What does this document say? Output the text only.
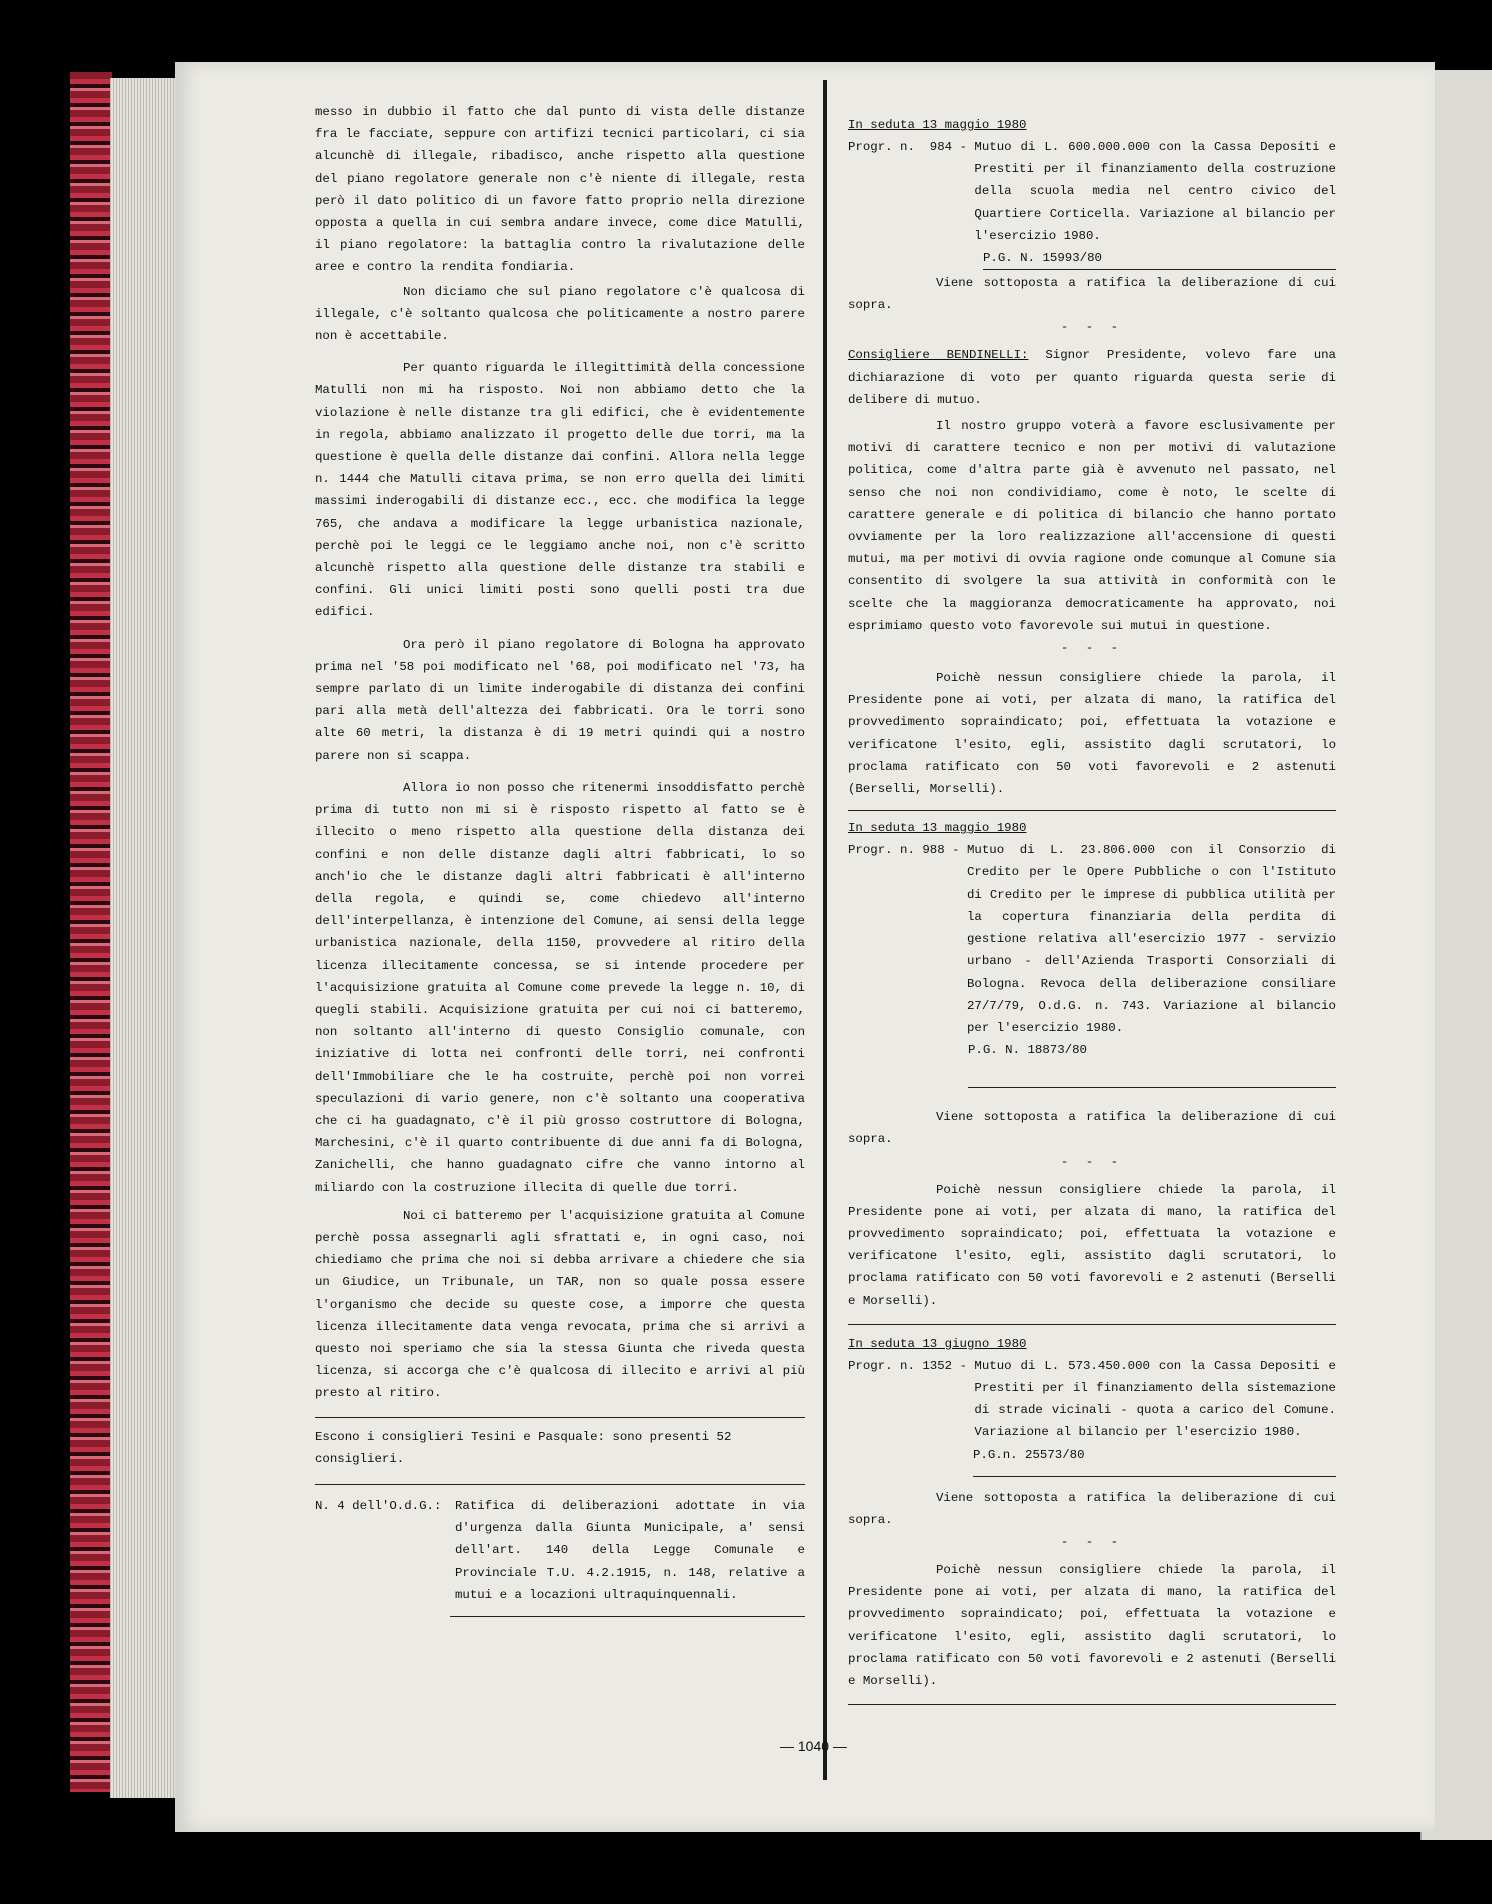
messo in dubbio il fatto che dal punto di vista delle distanze fra le facciate, seppure con artifizi tecnici particolari, ci sia alcunchè di illegale, ribadisco, anche rispetto alla questione del piano regolatore generale non c'è niente di illegale, resta però il dato politico di un favore fatto proprio nella direzione opposta a quella in cui sembra andare invece, come dice Matulli, il piano regolatore: la battaglia contro la rivalutazione delle aree e contro la rendita fondiaria.

Non diciamo che sul piano regolatore c'è qualcosa di illegale, c'è soltanto qualcosa che politicamente a nostro parere non è accettabile.

Per quanto riguarda le illegittimità della concessione Matulli non mi ha risposto. Noi non abbiamo detto che la violazione è nelle distanze tra gli edifici, che è evidentemente in regola, abbiamo analizzato il progetto delle due torri, ma la questione è quella delle distanze dai confini. Allora nella legge n. 1444 che Matulli citava prima, se non erro quella dei limiti massimi inderogabili di distanze ecc., ecc. che modifica la legge 765, che andava a modificare la legge urbanistica nazionale, perchè poi le leggi ce le leggiamo anche noi, non c'è scritto alcunchè rispetto alla questione delle distanze tra stabili e confini. Gli unici limiti posti sono quelli posti tra due edifici.

Ora però il piano regolatore di Bologna ha approvato prima nel '58 poi modificato nel '68, poi modificato nel '73, ha sempre parlato di un limite inderogabile di distanza dei confini pari alla metà dell'altezza dei fabbricati. Ora le torri sono alte 60 metri, la distanza è di 19 metri quindi qui a nostro parere non si scappa.

Allora io non posso che ritenermi insoddisfatto perchè prima di tutto non mi si è risposto rispetto al fatto se è illecito o meno rispetto alla questione della distanza dei confini e non delle distanze dagli altri fabbricati, lo so anch'io che le distanze dagli altri fabbricati è all'interno della regola, e quindi se, come chiedevo all'interno dell'interpellanza, è intenzione del Comune, ai sensi della legge urbanistica nazionale, della 1150, provvedere al ritiro della licenza illecitamente concessa, se si intende procedere per l'acquisizione gratuita al Comune come prevede la legge n. 10, di quegli stabili. Acquisizione gratuita per cui noi ci batteremo, non soltanto all'interno di questo Consiglio comunale, con iniziative di lotta nei confronti delle torri, nei confronti dell'Immobiliare che le ha costruite, perchè poi non vorrei speculazioni di vario genere, non c'è soltanto una cooperativa che ci ha guadagnato, c'è il più grosso costruttore di Bologna, Marchesini, c'è il quarto contribuente di due anni fa di Bologna, Zanichelli, che hanno guadagnato cifre che vanno intorno al miliardo con la costruzione illecita di quelle due torri.

Noi ci batteremo per l'acquisizione gratuita al Comune perchè possa assegnarli agli sfrattati e, in ogni caso, noi chiediamo che prima che noi si debba arrivare a chiedere che sia un Giudice, un Tribunale, un TAR, non so quale possa essere l'organismo che decide su queste cose, a imporre che questa licenza illecitamente data venga revocata, prima che si arrivi a questo noi speriamo che sia la stessa Giunta che riveda questa licenza, si accorga che c'è qualcosa di illecito e arrivi al più presto al ritiro.

Escono i consiglieri Tesini e Pasquale: sono presenti 52 consiglieri.
N. 4 dell'O.d.G.:	Ratifica di deliberazioni adottate in via d'urgenza dalla Giunta Municipale, a' sensi dell'art. 140 della Legge Comunale e Provinciale T.U. 4.2.1915, n. 148, relative a mutui e a locazioni ultraquinquennali.
In seduta 13 maggio 1980
Progr. n.  984 - Mutuo di L. 600.000.000 con la Cassa Depositi e Prestiti per il finanziamento della costruzione della scuola media nel centro civico del Quartiere Corticella. Variazione al bilancio per l'esercizio 1980.
P.G. N. 15993/80

Viene sottoposta a ratifica la deliberazione di cui sopra.

- - -

Consigliere BENDINELLI: Signor Presidente, volevo fare una dichiarazione di voto per quanto riguarda questa serie di delibere di mutuo.

Il nostro gruppo voterà a favore esclusivamente per motivi di carattere tecnico e non per motivi di valutazione politica, come d'altra parte già è avvenuto nel passato, nel senso che noi non condividiamo, come è noto, le scelte di carattere generale e di politica di bilancio che hanno portato ovviamente per la loro realizzazione all'accensione di questi mutui, ma per motivi di ovvia ragione onde comunque al Comune sia consentito di svolgere la sua attività in conformità con le scelte che la maggioranza democraticamente ha approvato, noi esprimiamo questo voto favorevole sui mutui in questione.

- - -

Poichè nessun consigliere chiede la parola, il Presidente pone ai voti, per alzata di mano, la ratifica del provvedimento sopraindicato; poi, effettuata la votazione e verificatone l'esito, egli, assistito dagli scrutatori, lo proclama ratificato con 50 voti favorevoli e 2 astenuti (Berselli, Morselli).

In seduta 13 maggio 1980
Progr. n. 988 - Mutuo di L. 23.806.000 con il Consorzio di Credito per le Opere Pubbliche o con l'Istituto di Credito per le imprese di pubblica utilità per la copertura finanziaria della perdita di gestione relativa all'esercizio 1977 - servizio urbano - dell'Azienda Trasporti Consorziali di Bologna. Revoca della deliberazione consiliare 27/7/79, O.d.G. n. 743. Variazione al bilancio per l'esercizio 1980.
P.G. N. 18873/80

Viene sottoposta a ratifica la deliberazione di cui sopra.

- - -

Poichè nessun consigliere chiede la parola, il Presidente pone ai voti, per alzata di mano, la ratifica del provvedimento sopraindicato; poi, effettuata la votazione e verificatone l'esito, egli, assistito dagli scrutatori, lo proclama ratificato con 50 voti favorevoli e 2 astenuti (Berselli e Morselli).

In seduta 13 giugno 1980
Progr. n. 1352 - Mutuo di L. 573.450.000 con la Cassa Depositi e Prestiti per il finanziamento della sistemazione di strade vicinali - quota a carico del Comune. Variazione al bilancio per l'esercizio 1980.
P.G.n. 25573/80

Viene sottoposta a ratifica la deliberazione di cui sopra.

- - -

Poichè nessun consigliere chiede la parola, il Presidente pone ai voti, per alzata di mano, la ratifica del provvedimento sopraindicato; poi, effettuata la votazione e verificatone l'esito, egli, assistito dagli scrutatori, lo proclama ratificato con 50 voti favorevoli e 2 astenuti (Berselli e Morselli).

— 1040 —
